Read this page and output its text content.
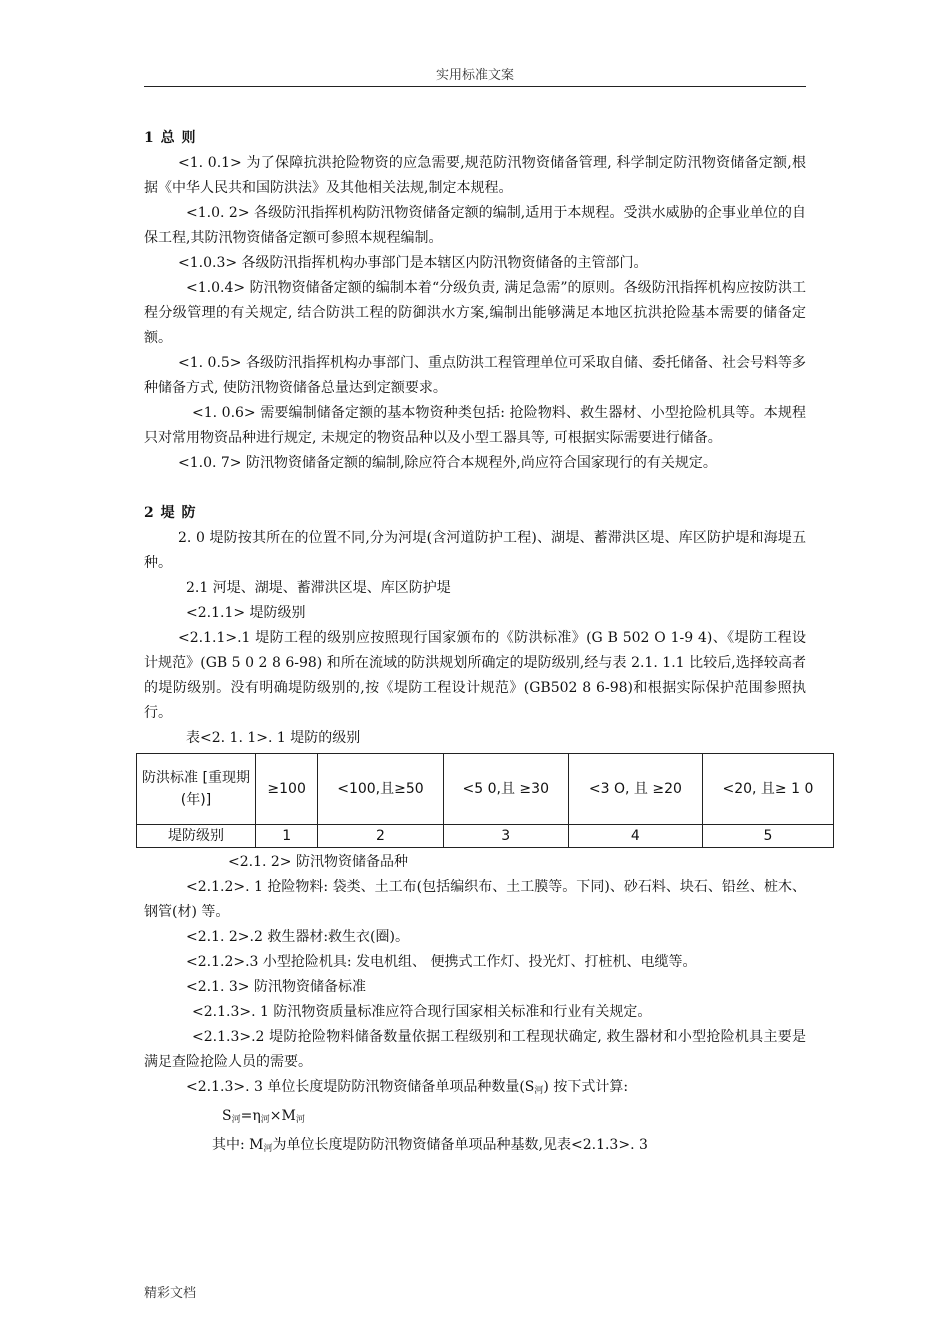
实用标准文案

1 总 则

<1. 0.1> 为了保障抗洪抢险物资的应急需要,规范防汛物资储备管理, 科学制定防汛物资储备定额,根据《中华人民共和国防洪法》及其他相关法规,制定本规程。

<1.0. 2> 各级防汛指挥机构防汛物资储备定额的编制,适用于本规程。受洪水威胁的企事业单位的自保工程,其防汛物资储备定额可参照本规程编制。

<1.0.3> 各级防汛指挥机构办事部门是本辖区内防汛物资储备的主管部门。

<1.0.4> 防汛物资储备定额的编制本着“分级负责, 满足急需”的原则。各级防汛指挥机构应按防洪工程分级管理的有关规定, 结合防洪工程的防御洪水方案,编制出能够满足本地区抗洪抢险基本需要的储备定额。

<1. 0.5> 各级防汛指挥机构办事部门、重点防洪工程管理单位可采取自储、委托储备、社会号料等多种储备方式, 使防汛物资储备总量达到定额要求。

<1. 0.6> 需要编制储备定额的基本物资种类包括: 抢险物料、救生器材、小型抢险机具等。本规程只对常用物资品种进行规定, 未规定的物资品种以及小型工器具等, 可根据实际需要进行储备。

<1.0. 7> 防汛物资储备定额的编制,除应符合本规程外,尚应符合国家现行的有关规定。

2 堤 防

2. 0 堤防按其所在的位置不同,分为河堤(含河道防护工程)、湖堤、蓄滞洪区堤、库区防护堤和海堤五种。

2.1 河堤、湖堤、蓄滞洪区堤、库区防护堤

<2.1.1> 堤防级别

<2.1.1>.1 堤防工程的级别应按照现行国家颁布的《防洪标准》(G B 502 O 1-9 4)、《堤防工程设计规范》(GB 5 0 2 8 6-98) 和所在流域的防洪规划所确定的堤防级别,经与表 2.1. 1.1 比较后,选择较高者的堤防级别。没有明确堤防级别的,按《堤防工程设计规范》(GB502 8 6-98)和根据实际保护范围参照执行。

表<2. 1. 1>. 1 堤防的级别

防洪标准 [重现期 (年)]	≥100	<100,且≥50	<5 0,且 ≥30	<3 O, 且 ≥20	<20, 且≥ 1 0
堤防级别	1	2	3	4	5

<2.1. 2> 防汛物资储备品种

<2.1.2>. 1 抢险物料: 袋类、土工布(包括编织布、土工膜等。下同)、砂石料、块石、铅丝、桩木、钢管(材) 等。

<2.1. 2>.2 救生器材:救生衣(圈)。

<2.1.2>.3 小型抢险机具: 发电机组、 便携式工作灯、投光灯、打桩机、电缆等。

<2.1. 3> 防汛物资储备标准

<2.1.3>. 1 防汛物资质量标准应符合现行国家相关标准和行业有关规定。

<2.1.3>.2 堤防抢险物料储备数量依据工程级别和工程现状确定, 救生器材和小型抢险机具主要是满足查险抢险人员的需要。

<2.1.3>. 3 单位长度堤防防汛物资储备单项品种数量$(S_河)$ 按下式计算:

$S_河=\eta_河\times M_河$

其中: $M_河$为单位长度堤防防汛物资储备单项品种基数,见表<2.1.3>. 3

精彩文档
